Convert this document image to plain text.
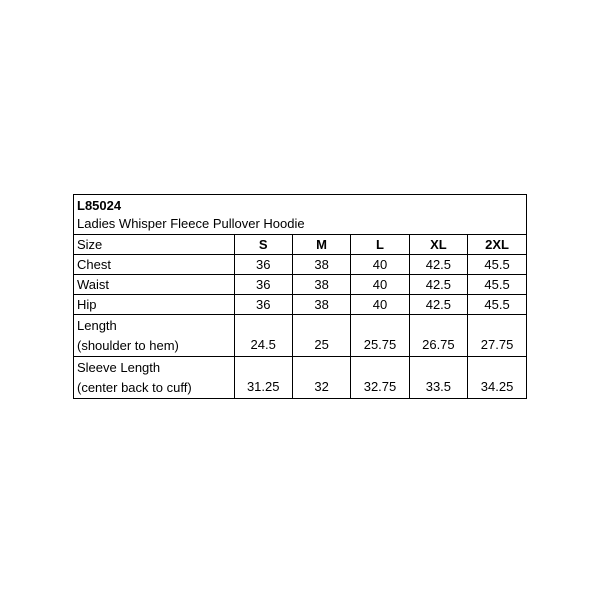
L85024
Ladies Whisper Fleece Pullover Hoodie
Size	S	M	L	XL	2XL
Chest	36	38	40	42.5	45.5
Waist	36	38	40	42.5	45.5
Hip	36	38	40	42.5	45.5

Length
(shoulder to hem)	24.5	25	25.75	26.75	27.75

Sleeve Length
(center back to cuff)	31.25	32	32.75	33.5	34.25
